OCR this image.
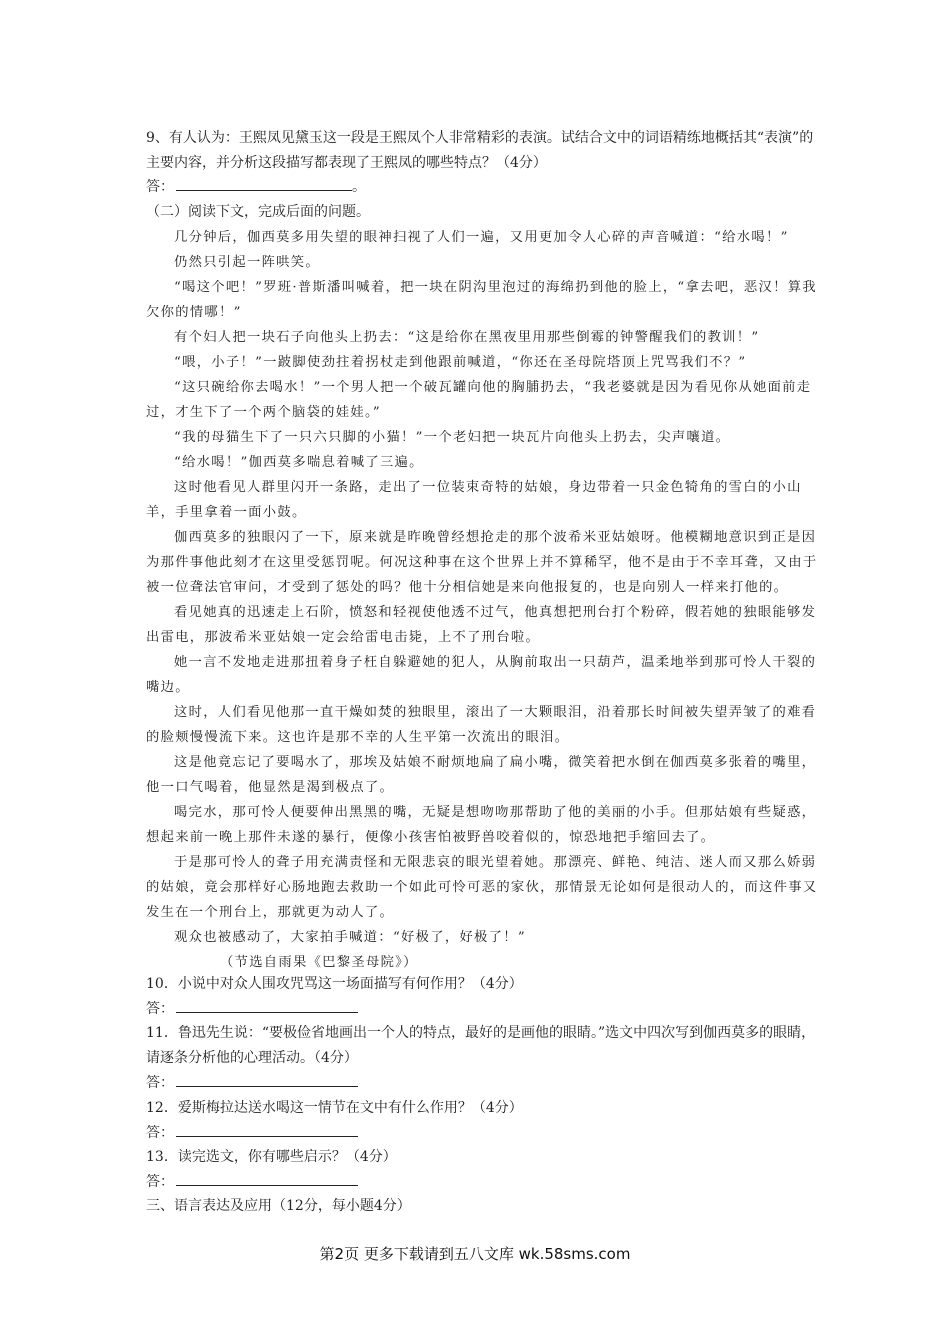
9、有人认为：王熙凤见黛玉这一段是王熙凤个人非常精彩的表演。试结合文中的词语精练地概括其“表演”的主要内容，并分析这段描写都表现了王熙凤的哪些特点？（4分）
答：	。
（二）阅读下文，完成后面的问题。

几分钟后，伽西莫多用失望的眼神扫视了人们一遍，又用更加令人心碎的声音喊道：“给水喝！”

仍然只引起一阵哄笑。

“喝这个吧！”罗班·普斯潘叫喊着，把一块在阴沟里泡过的海绵扔到他的脸上，“拿去吧，恶汉！算我欠你的情哪！”

有个妇人把一块石子向他头上扔去：“这是给你在黑夜里用那些倒霉的钟警醒我们的教训！”

“喂，小子！”一跛脚使劲拄着拐杖走到他跟前喊道，“你还在圣母院塔顶上咒骂我们不？”

“这只碗给你去喝水！”一个男人把一个破瓦罐向他的胸脯扔去，“我老婆就是因为看见你从她面前走过，才生下了一个两个脑袋的娃娃。”

“我的母猫生下了一只六只脚的小猫！”一个老妇把一块瓦片向他头上扔去，尖声嚷道。

“给水喝！”伽西莫多喘息着喊了三遍。

这时他看见人群里闪开一条路，走出了一位装束奇特的姑娘，身边带着一只金色犄角的雪白的小山羊，手里拿着一面小鼓。

伽西莫多的独眼闪了一下，原来就是昨晚曾经想抢走的那个波希米亚姑娘呀。他模糊地意识到正是因为那件事他此刻才在这里受惩罚呢。何况这种事在这个世界上并不算稀罕，他不是由于不幸耳聋，又由于被一位聋法官审问，才受到了惩处的吗？他十分相信她是来向他报复的，也是向别人一样来打他的。

看见她真的迅速走上石阶，愤怒和轻视使他透不过气，他真想把刑台打个粉碎，假若她的独眼能够发出雷电，那波希米亚姑娘一定会给雷电击毙，上不了刑台啦。

她一言不发地走进那扭着身子枉自躲避她的犯人，从胸前取出一只葫芦，温柔地举到那可怜人干裂的嘴边。

这时，人们看见他那一直干燥如焚的独眼里，滚出了一大颗眼泪，沿着那长时间被失望弄皱了的难看的脸颊慢慢流下来。这也许是那不幸的人生平第一次流出的眼泪。

这是他竟忘记了要喝水了，那埃及姑娘不耐烦地扁了扁小嘴，微笑着把水倒在伽西莫多张着的嘴里，他一口气喝着，他显然是渴到极点了。

喝完水，那可怜人便要伸出黑黑的嘴，无疑是想吻吻那帮助了他的美丽的小手。但那姑娘有些疑惑，想起来前一晚上那件未遂的暴行，便像小孩害怕被野兽咬着似的，惊恐地把手缩回去了。

于是那可怜人的聋子用充满责怪和无限悲哀的眼光望着她。那漂亮、鲜艳、纯洁、迷人而又那么娇弱的姑娘，竟会那样好心肠地跑去救助一个如此可怜可恶的家伙，那情景无论如何是很动人的，而这件事又发生在一个刑台上，那就更为动人了。

观众也被感动了，大家拍手喊道：“好极了，好极了！”

（节选自雨果《巴黎圣母院》）

10．小说中对众人围攻咒骂这一场面描写有何作用？（4分）
答：
11．鲁迅先生说：“要极俭省地画出一个人的特点，最好的是画他的眼睛。”选文中四次写到伽西莫多的眼睛，请逐条分析他的心理活动。（4分）
答：
12．爱斯梅拉达送水喝这一情节在文中有什么作用？（4分）
答：
13．读完选文，你有哪些启示？（4分）
答：
三、语言表达及应用（12分，每小题4分）
第2页 更多下载请到五八文库 wk.58sms.com
